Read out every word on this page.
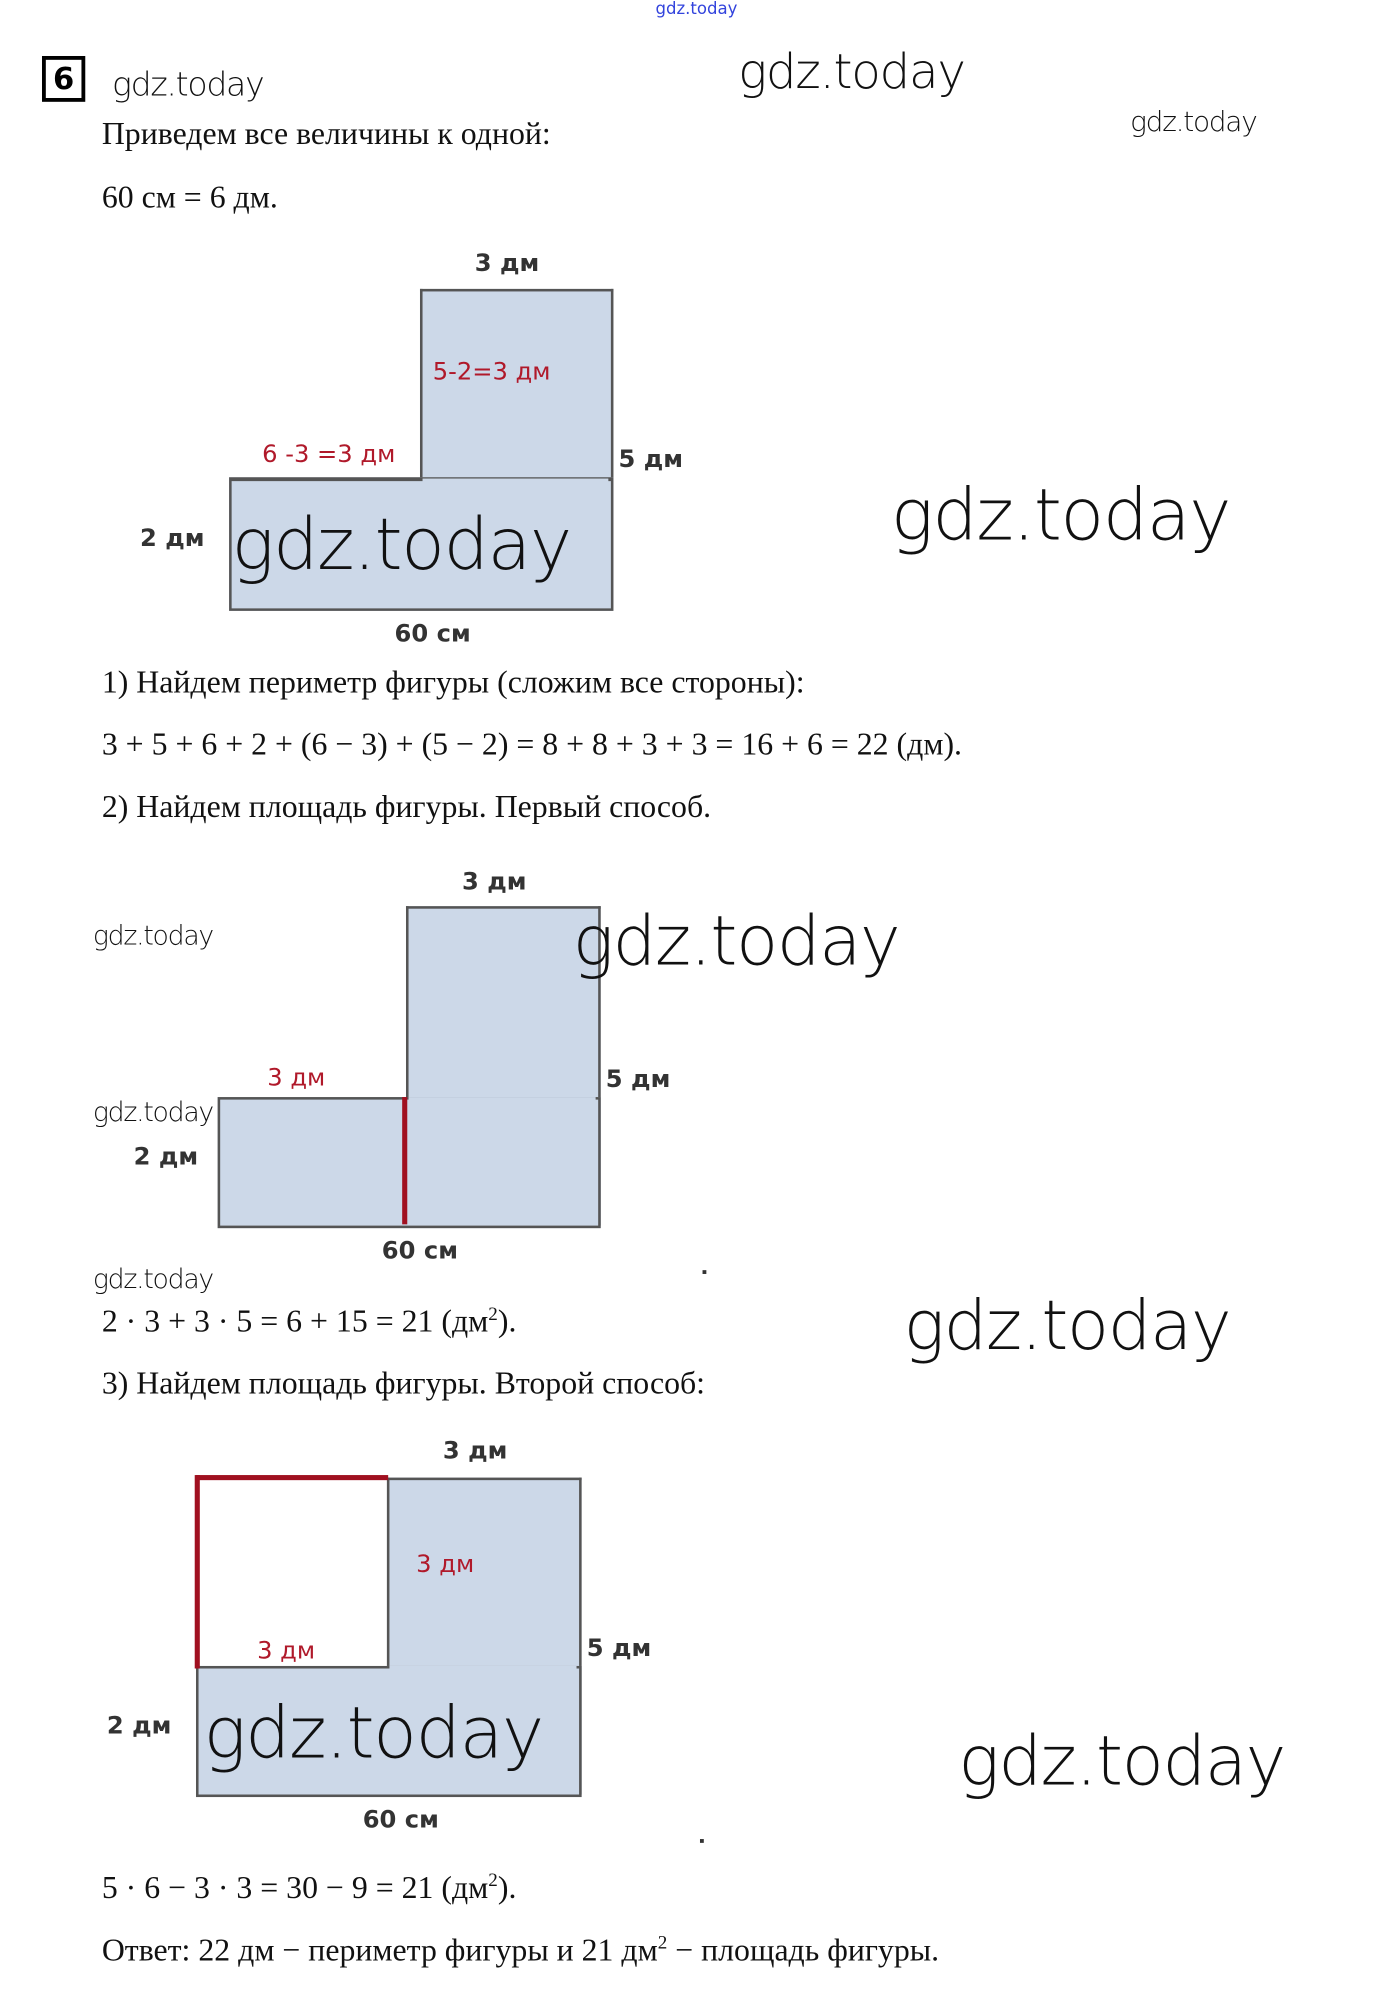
gdz.today
6
Приведем все величины к одной:
60 см = 6 дм.
3 дм
5 дм
2 дм
60 см
5-2=3 дм
6 -3 =3 дм
1) Найдем периметр фигуры (сложим все стороны):
3 + 5 + 6 + 2 + (6 − 3) + (5 − 2) = 8 + 8 + 3 + 3 = 16 + 6 = 22 (дм).
2) Найдем площадь фигуры. Первый способ.
3 дм
5 дм
2 дм
60 см
3 дм
2 · 3 + 3 · 5 = 6 + 15 = 21 $(дм^2)$.
3) Найдем площадь фигуры. Второй способ:
3 дм
5 дм
2 дм
60 см
3 дм
3 дм
5 · 6 − 3 · 3 = 30 − 9 = 21 $(дм^2)$.
Ответ: 22 дм − периметр фигуры и 21 $дм^2$ − площадь фигуры.
gdz.today	gdz.today
gdz.today
gdz.today	gdz.today
gdz.today	gdz.today
gdz.today
gdz.today
gdz.today
gdz.today	gdz.today
